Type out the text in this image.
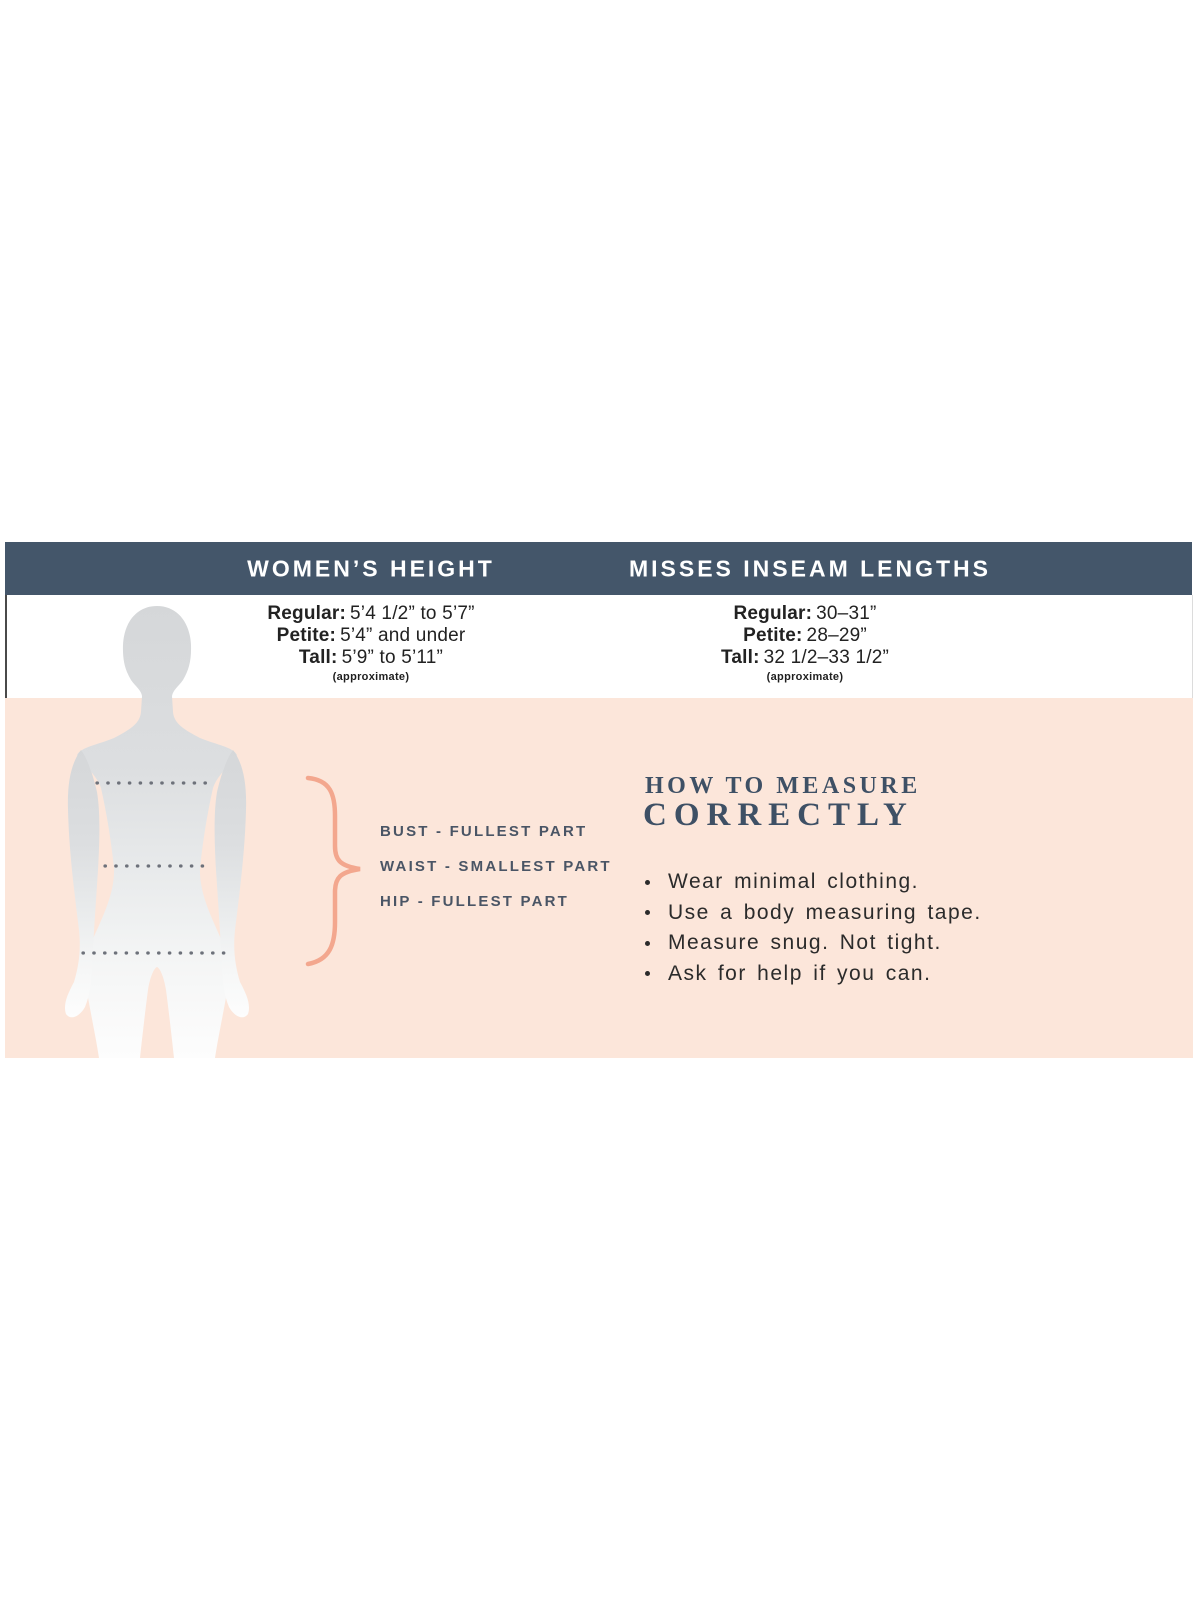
WOMEN’S HEIGHT	MISSES INSEAM LENGTHS
Regular: 5’4 1/2” to 5’7”
Petite: 5’4” and under
Tall: 5’9” to 5’11”
(approximate)
Regular: 30–31”
Petite: 28–29”
Tall: 32 1/2–33 1/2”
(approximate)
BUST - FULLEST PART
WAIST - SMALLEST PART
HIP - FULLEST PART
HOW TO MEASURE
CORRECTLY
Wear minimal clothing.
Use a body measuring tape.
Measure snug. Not tight.
Ask for help if you can.
